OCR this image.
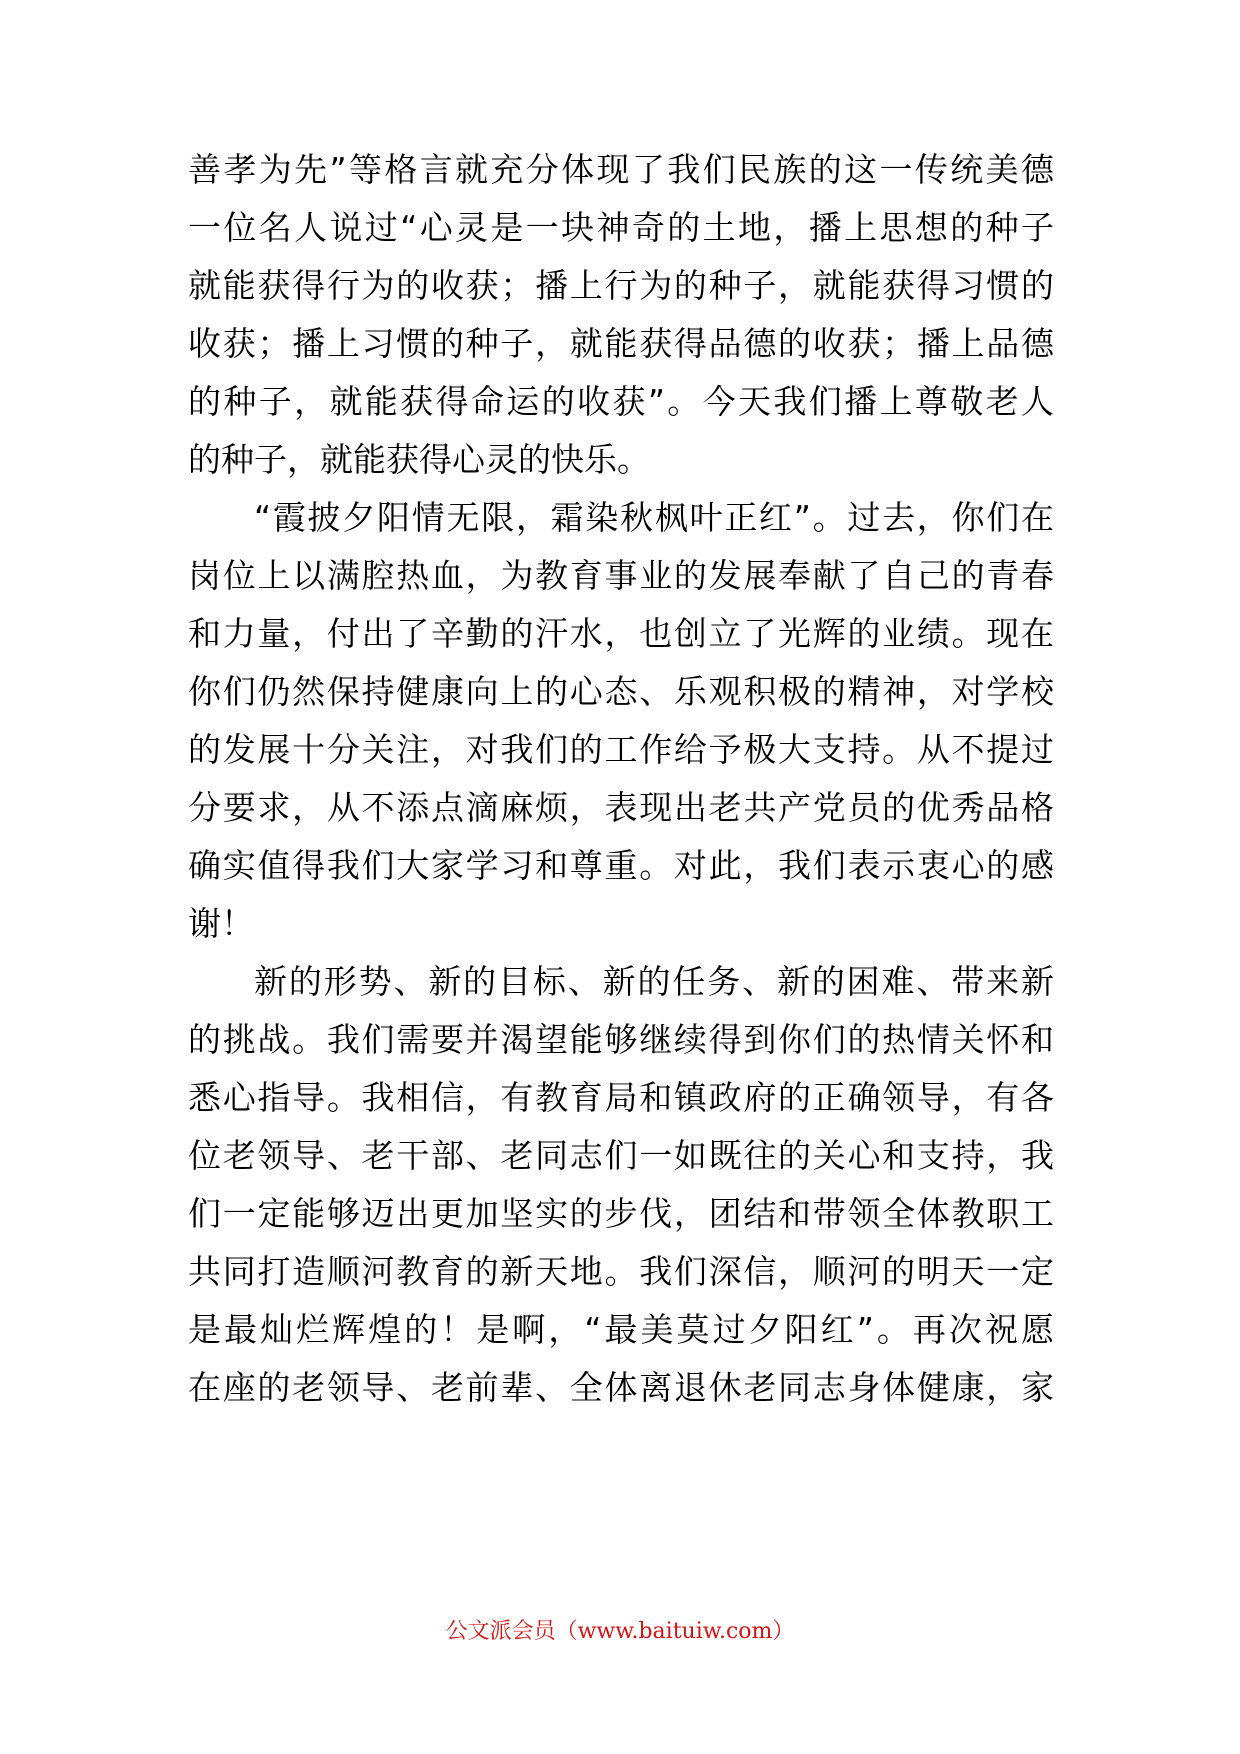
善孝为先”等格言就充分体现了我们民族的这一传统美德
一位名人说过“心灵是一块神奇的土地，播上思想的种子
就能获得行为的收获；播上行为的种子，就能获得习惯的
收获；播上习惯的种子，就能获得品德的收获；播上品德
的种子，就能获得命运的收获”。今天我们播上尊敬老人
的种子，就能获得心灵的快乐。
“霞披夕阳情无限，霜染秋枫叶正红”。过去，你们在
岗位上以满腔热血，为教育事业的发展奉献了自己的青春
和力量，付出了辛勤的汗水，也创立了光辉的业绩。现在
你们仍然保持健康向上的心态、乐观积极的精神，对学校
的发展十分关注，对我们的工作给予极大支持。从不提过
分要求，从不添点滴麻烦，表现出老共产党员的优秀品格
确实值得我们大家学习和尊重。对此，我们表示衷心的感
谢！
新的形势、新的目标、新的任务、新的困难、带来新
的挑战。我们需要并渴望能够继续得到你们的热情关怀和
悉心指导。我相信，有教育局和镇政府的正确领导，有各
位老领导、老干部、老同志们一如既往的关心和支持，我
们一定能够迈出更加坚实的步伐，团结和带领全体教职工
共同打造顺河教育的新天地。我们深信，顺河的明天一定
是最灿烂辉煌的！是啊，“最美莫过夕阳红”。再次祝愿
在座的老领导、老前辈、全体离退休老同志身体健康，家
公文派会员（www.baituiw.com）
